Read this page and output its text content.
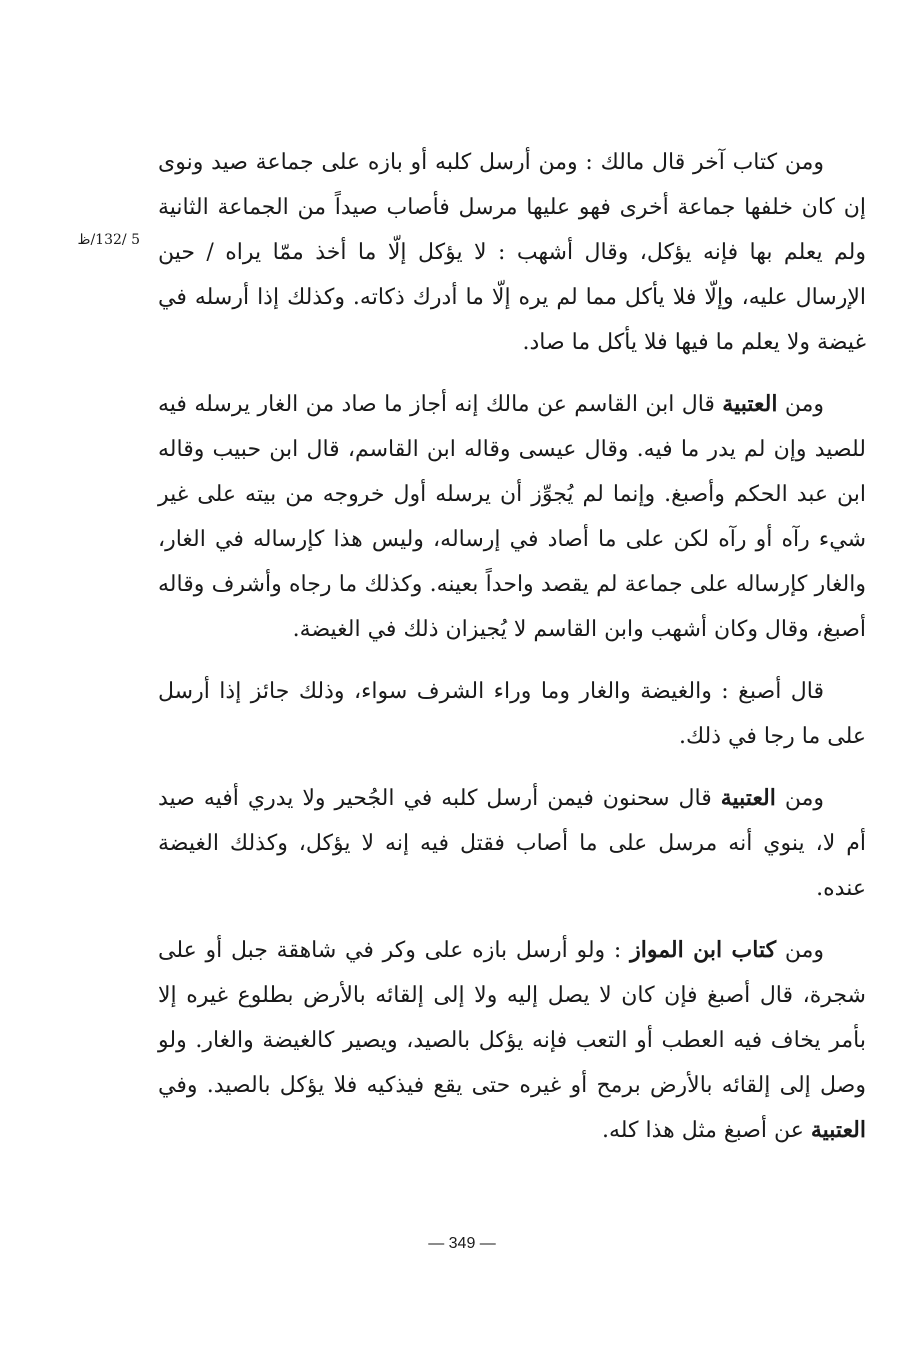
5 /132/ظ

ومن كتاب آخر قال مالك : ومن أرسل كلبه أو بازه على جماعة صيد ونوى إن كان خلفها جماعة أخرى فهو عليها مرسل فأصاب صيداً من الجماعة الثانية ولم يعلم بها فإنه يؤكل، وقال أشهب : لا يؤكل إلّا ما أخذ ممّا يراه / حين الإرسال عليه، وإلّا فلا يأكل مما لم يره إلّا ما أدرك ذكاته. وكذلك إذا أرسله في غيضة ولا يعلم ما فيها فلا يأكل ما صاد.

ومن العتبية قال ابن القاسم عن مالك إنه أجاز ما صاد من الغار يرسله فيه للصيد وإن لم يدر ما فيه. وقال عيسى وقاله ابن القاسم، قال ابن حبيب وقاله ابن عبد الحكم وأصبغ. وإنما لم يُجوِّز أن يرسله أول خروجه من بيته على غير شيء رآه أو رآه لكن على ما أصاد في إرساله، وليس هذا كإرساله في الغار، والغار كإرساله على جماعة لم يقصد واحداً بعينه. وكذلك ما رجاه وأشرف وقاله أصبغ، وقال وكان أشهب وابن القاسم لا يُجيزان ذلك في الغيضة.

قال أصبغ : والغيضة والغار وما وراء الشرف سواء، وذلك جائز إذا أرسل على ما رجا في ذلك.

ومن العتبية قال سحنون فيمن أرسل كلبه في الجُحير ولا يدري أفيه صيد أم لا، ينوي أنه مرسل على ما أصاب فقتل فيه إنه لا يؤكل، وكذلك الغيضة عنده.

ومن كتاب ابن المواز : ولو أرسل بازه على وكر في شاهقة جبل أو على شجرة، قال أصبغ فإن كان لا يصل إليه ولا إلى إلقائه بالأرض بطلوع غيره إلا بأمر يخاف فيه العطب أو التعب فإنه يؤكل بالصيد، ويصير كالغيضة والغار. ولو وصل إلى إلقائه بالأرض برمح أو غيره حتى يقع فيذكيه فلا يؤكل بالصيد. وفي العتبية عن أصبغ مثل هذا كله.

— 349 —
